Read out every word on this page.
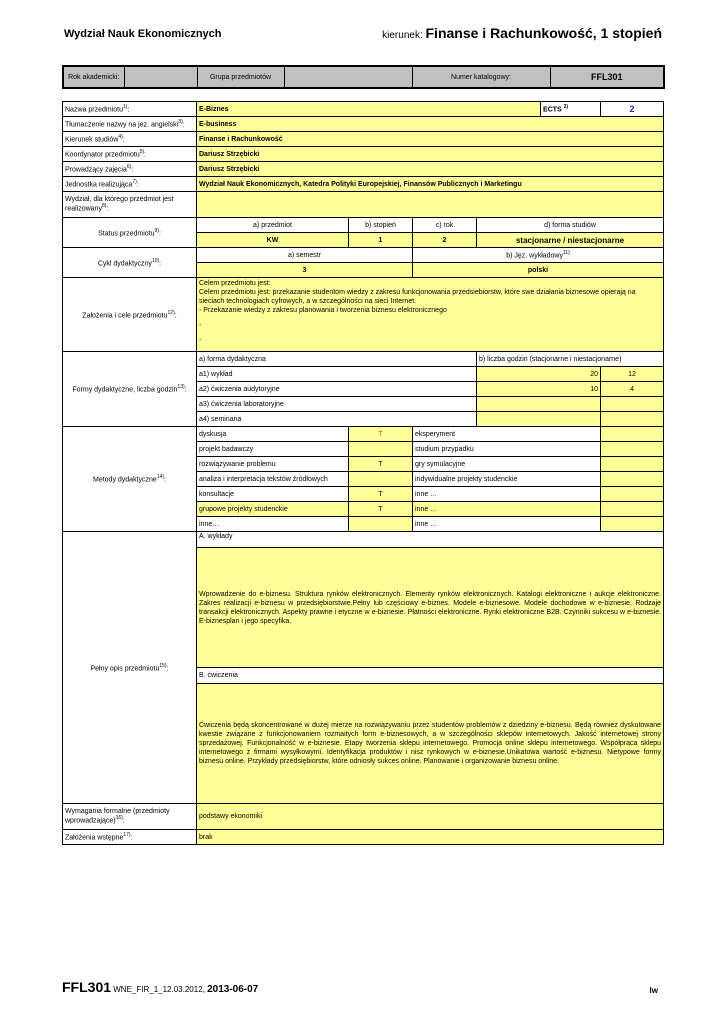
Wydział Nauk Ekonomicznych	kierunek: Finanse i Rachunkowość, 1 stopień
Rok akademicki:		Grupa przedmiotów		Numer katalogowy:	FFL301
Nazwa przedmiotu$^{1)}$:	E-Biznes				ECTS $^{2)}$	2
Tłumaczenie nazwy na jez. angielski$^{3)}$:	E-business					
Kierunek studiów$^{4)}$:	Finanse i Rachunkowość					
Koordynator przedmiotu$^{5)}$:	Dariusz Strzębicki					
Prowadzący zajęcia$^{6)}$:	Dariusz Strzębicki					
Jednostka realizująca$^{7)}$:	Wydział Nauk Ekonomicznych, Katedra Polityki Europejskiej, Finansów Publicznych i Marketingu					
Wydział, dla którego przedmiot jest realizowany$^{8)}$:						
Status przedmiotu$^{9)}$:	a) przedmiot	b) stopień	c) rok	d) forma studiów		
	KW	1	2	stacjonarne / niestacjonarne		
Cykl dydaktyczny$^{10)}$:	a) semestr		b) Jęz. wykładowy$^{11)}$
	3		polski			
Założenia i cele przedmiotu$^{12)}$:	Celem przedmiotu jest:
Celem przedmiotu jest: przekazanie studentom wiedzy z zakresu funkcjonowania przedsiebiorstw, które swe działania biznesowe opierają na sieciach technologiach cyfrowych, a w szczególności na sieci Internet.
- Przekazanie wiedzy z zakresu planowania i tworzenia biznesu elektronicznego
-
-					

Formy dydaktyczne, liczba godzin$^{13)}$:	a) forma dydaktyczna			b) liczba godzin (stacjonarne i niestacjonarne)		
	a1) wykład			20		12
	a2) ćwiczenia audytoryjne			10		4
	a3) ćwiczenia laboratoryjne					
	a4) seminaria					
Metody dydaktyczne$^{14)}$:	dyskusja	T	eksperyment			
	projekt badawczy		studium przypadku			
	rozwiązywanie problemu	T	gry symulacyjne			
	analiza i interpretacja tekstów źródłowych		indywidualne projekty studenckie			
	konsultacje	T	inne …			
	grupowe projekty studenckie	T	inne …			
	inne…		inne …			
Pełny opis przedmiotu$^{15)}$:	A. wykłady					
	Wprowadzenie do e-biznesu. Struktura rynków elektronicznych. Elementy rynków elektronicznych. Katalogi elektroniczne i aukcje elektroniczne. Zakres realizacji e-biznesu w przedsiębiorstwie.Pełny lub częściowy e-biznes. Modele e-biznesowe. Modele dochodowe w e-biznesie. Rodzaje transakcji elektronicznych. Aspekty prawne i etyczne w e-biznesie. Płatności elektroniczne. Rynki elektroniczne B2B. Czynniki sukcesu w e-biznesie. E-biznesplan i jego specyfika.					
	B. ćwiczenia					
	Ćwiczenia będą skoncentrowane w dużej mierze na rozwiązywaniu przez studentów problemów z dziedziny e-biznesu. Będą również dyskutowane kwestie związane z funkcjonowaniem rozmaitych form e-biznesowych, a w szczególności sklepów internetowych. Jakość internetowej strony sprzedażowej. Funkcjonalność w e-biznesie. Etapy tworzenia sklepu internetowego. Promocja online sklepu internetowego. Współpraca sklepu internetowego z firmami wysyłkowymi. Identyfikacja produktów i nisz rynkowych w e-biznesie.Unikatowa wartość e-biznesu. Nietypowe formy biznesu online. Przykłady przedsiębiorstw, które odniosły sukces online. Planowanie i organizowanie biznesu online.					
Wymagania formalne (przedmioty wprowadzające)$^{16)}$:	podstawy ekonomiki					
Założenia wstępne$^{17)}$:	brak					
FFL301 WNE_FIR_1_12.03.2012, 2013-06-07	lw
